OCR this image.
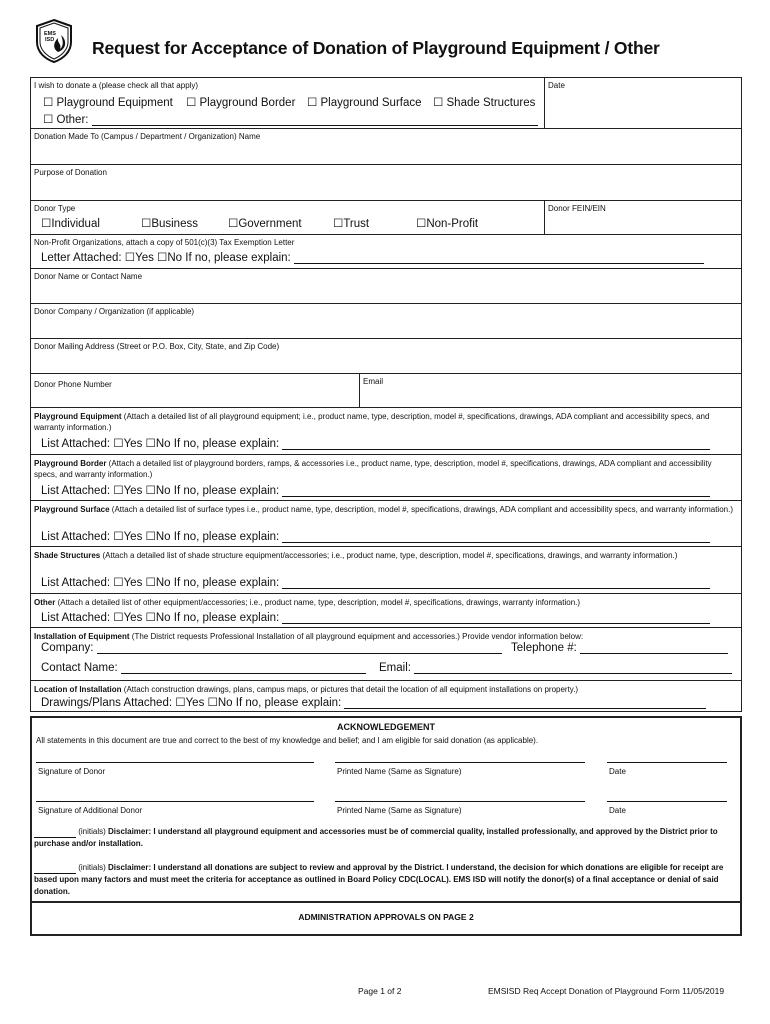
EMS
ISD Request for Acceptance of Donation of Playground Equipment / Other
I wish to donate a (please check all that apply)
☐ Playground Equipment ☐ Playground Border ☐ Playground Surface ☐ Shade Structures
☐ Other:
Date
Donation Made To (Campus / Department / Organization) Name
Purpose of Donation
Donor Type
☐Individual	☐Business	☐Government	☐Trust	☐Non-Profit
Donor FEIN/EIN
Non-Profit Organizations, attach a copy of 501(c)(3) Tax Exemption Letter
Letter Attached: ☐Yes ☐No If no, please explain:
Donor Name or Contact Name
Donor Company / Organization (if applicable)
Donor Mailing Address (Street or P.O. Box, City, State, and Zip Code)
Donor Phone Number	Email
Playground Equipment (Attach a detailed list of all playground equipment; i.e., product name, type, description, model #, specifications, drawings, ADA compliant and accessibility specs, and warranty information.)
List Attached: ☐Yes ☐No If no, please explain:
Playground Border (Attach a detailed list of playground borders, ramps, & accessories i.e., product name, type, description, model #, specifications, drawings, ADA compliant and accessibility specs, and warranty information.)
List Attached: ☐Yes ☐No If no, please explain:
Playground Surface (Attach a detailed list of surface types i.e., product name, type, description, model #, specifications, drawings, ADA compliant and accessibility specs, and warranty information.)
List Attached: ☐Yes ☐No If no, please explain:
Shade Structures (Attach a detailed list of shade structure equipment/accessories; i.e., product name, type, description, model #, specifications, drawings, and warranty information.)
List Attached: ☐Yes ☐No If no, please explain:
Other (Attach a detailed list of other equipment/accessories; i.e., product name, type, description, model #, specifications, drawings, warranty information.)
List Attached: ☐Yes ☐No If no, please explain:
Installation of Equipment (The District requests Professional Installation of all playground equipment and accessories.) Provide vendor information below:
Company:	Telephone #:
Contact Name:	Email:
Location of Installation (Attach construction drawings, plans, campus maps, or pictures that detail the location of all equipment installations on property.)
Drawings/Plans Attached: ☐Yes ☐No If no, please explain:
ACKNOWLEDGEMENT
All statements in this document are true and correct to the best of my knowledge and belief; and I am eligible for said donation (as applicable).
Signature of Donor	Printed Name (Same as Signature)	Date
Signature of Additional Donor	Printed Name (Same as Signature)	Date
(initials) Disclaimer: I understand all playground equipment and accessories must be of commercial quality, installed professionally, and approved by the District prior to purchase and/or installation.
(initials) Disclaimer: I understand all donations are subject to review and approval by the District. I understand, the decision for which donations are eligible for receipt are based upon many factors and must meet the criteria for acceptance as outlined in Board Policy CDC(LOCAL). EMS ISD will notify the donor(s) of a final acceptance or denial of said donation.
ADMINISTRATION APPROVALS ON PAGE 2
Page 1 of 2	EMSISD Req Accept Donation of Playground Form 11/05/2019
